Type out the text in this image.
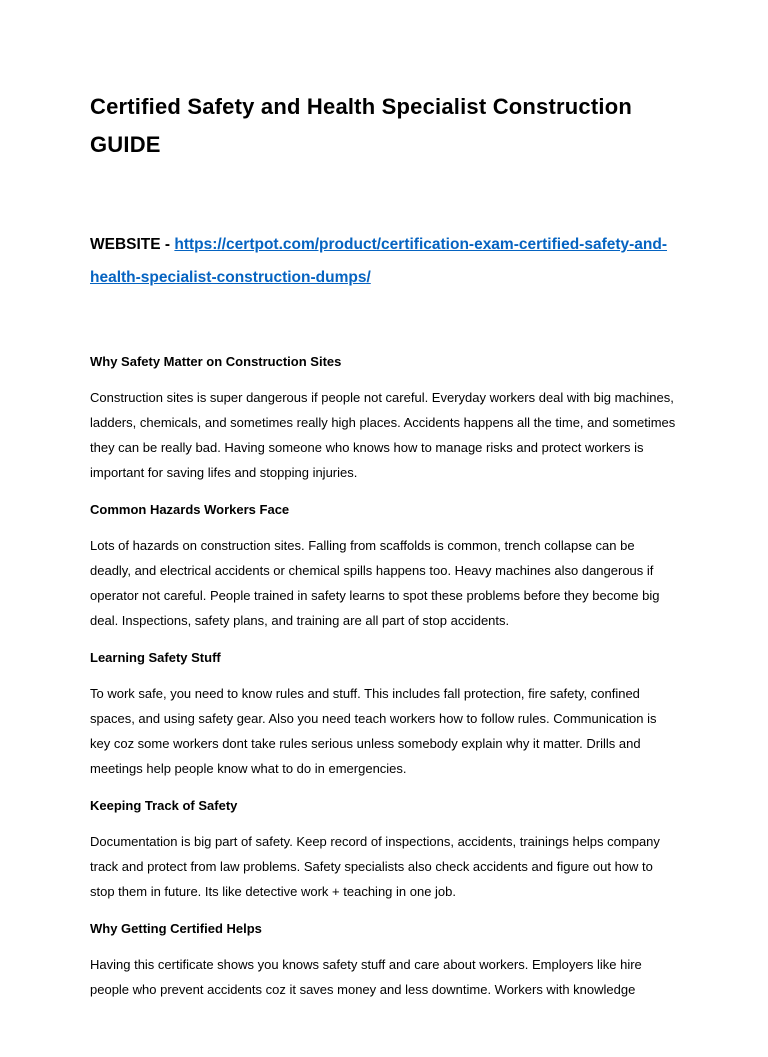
Certified Safety and Health Specialist Construction GUIDE

WEBSITE - https://certpot.com/product/certification-exam-certified-safety-and-health-specialist-construction-dumps/

Why Safety Matter on Construction Sites

Construction sites is super dangerous if people not careful. Everyday workers deal with big machines, ladders, chemicals, and sometimes really high places. Accidents happens all the time, and sometimes they can be really bad. Having someone who knows how to manage risks and protect workers is important for saving lifes and stopping injuries.

Common Hazards Workers Face

Lots of hazards on construction sites. Falling from scaffolds is common, trench collapse can be deadly, and electrical accidents or chemical spills happens too. Heavy machines also dangerous if operator not careful. People trained in safety learns to spot these problems before they become big deal. Inspections, safety plans, and training are all part of stop accidents.

Learning Safety Stuff

To work safe, you need to know rules and stuff. This includes fall protection, fire safety, confined spaces, and using safety gear. Also you need teach workers how to follow rules. Communication is key coz some workers dont take rules serious unless somebody explain why it matter. Drills and meetings help people know what to do in emergencies.

Keeping Track of Safety

Documentation is big part of safety. Keep record of inspections, accidents, trainings helps company track and protect from law problems. Safety specialists also check accidents and figure out how to stop them in future. Its like detective work + teaching in one job.

Why Getting Certified Helps

Having this certificate shows you knows safety stuff and care about workers. Employers like hire people who prevent accidents coz it saves money and less downtime. Workers with knowledge
